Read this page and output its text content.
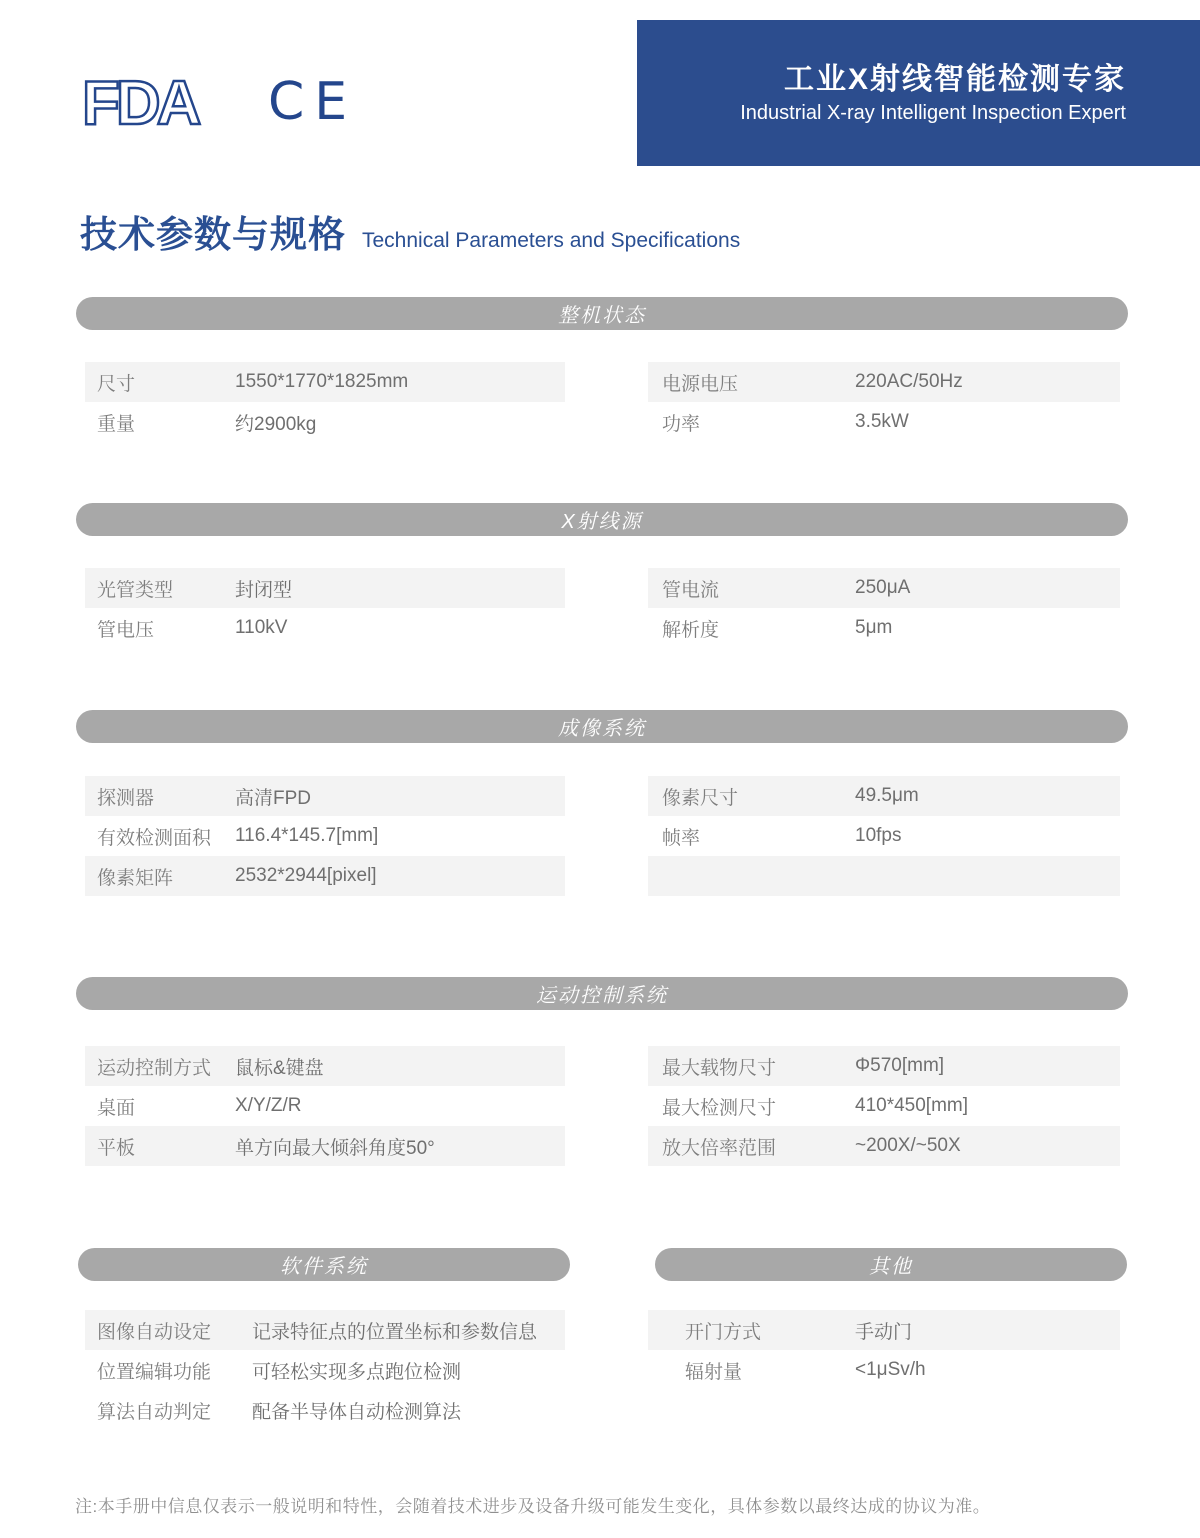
工业X射线智能检测专家
Industrial X-ray Intelligent Inspection Expert
FDA CE
技术参数与规格 Technical Parameters and Specifications
整机状态
X射线源
成像系统
运动控制系统
软件系统	其他
尺寸	1550*1770*1825mm
重量	约2900kg
电源电压	220AC/50Hz
功率	3.5kW
光管类型	封闭型
管电压	110kV
管电流	250μA
解析度	5μm
探测器	高清FPD
有效检测面积	116.4*145.7[mm]
像素矩阵	2532*2944[pixel]
像素尺寸	49.5μm
帧率	10fps
运动控制方式	鼠标&键盘
桌面	X/Y/Z/R
平板	单方向最大倾斜角度50°
最大载物尺寸	Φ570[mm]
最大检测尺寸	410*450[mm]
放大倍率范围	~200X/~50X
图像自动设定	记录特征点的位置坐标和参数信息
位置编辑功能	可轻松实现多点跑位检测
算法自动判定	配备半导体自动检测算法
开门方式	手动门
辐射量	<1μSv/h
注:本手册中信息仅表示一般说明和特性，会随着技术进步及设备升级可能发生变化，具体参数以最终达成的协议为准。
